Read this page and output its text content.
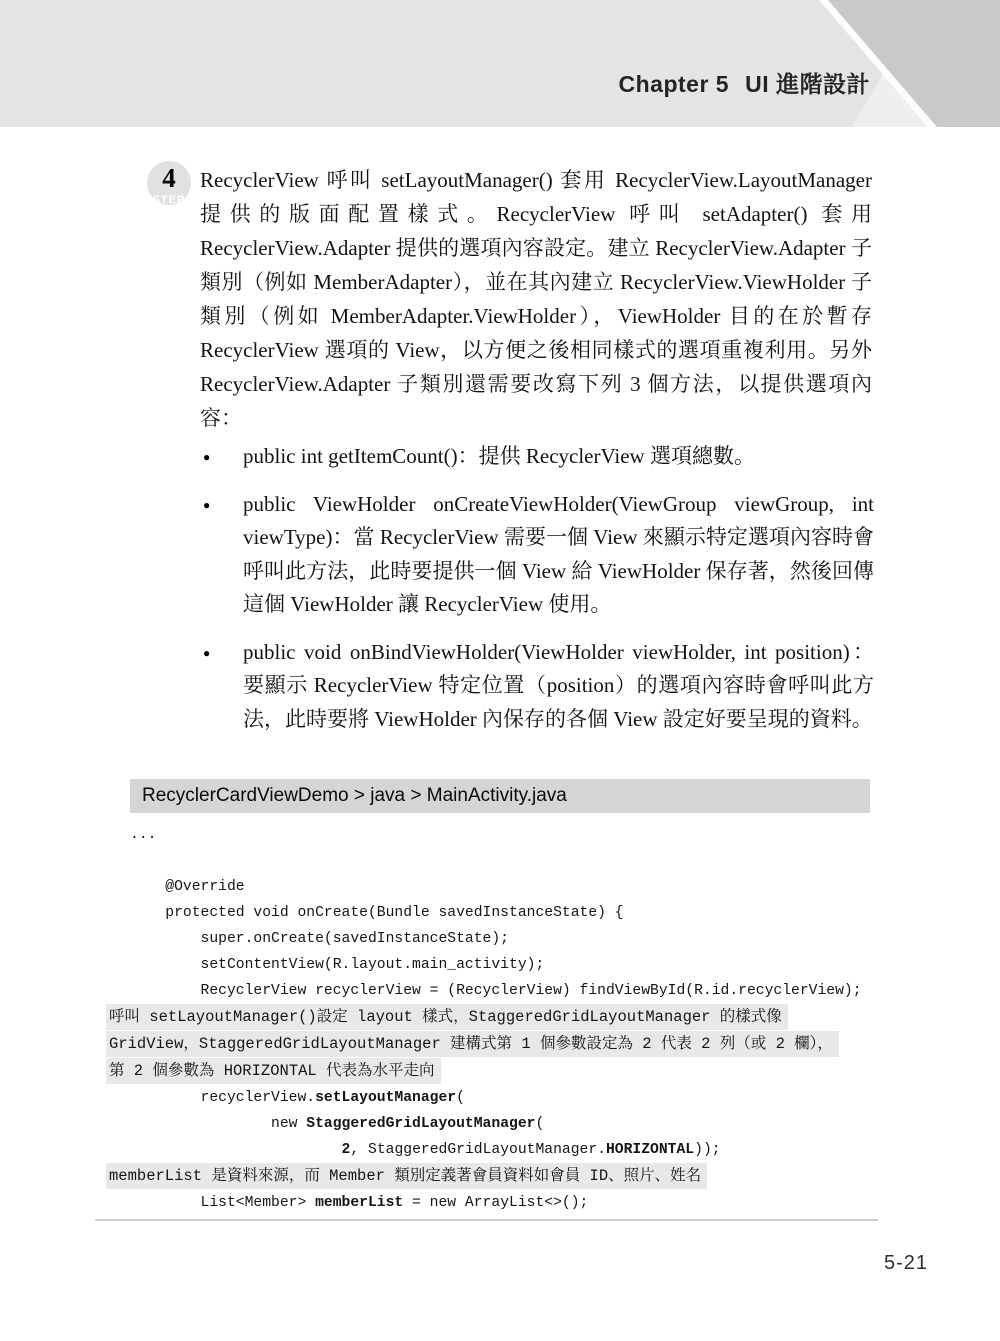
Chapter 5 UI 進階設計
4
STEP
RecyclerView 呼叫 setLayoutManager() 套用 RecyclerView.LayoutManager 提供的版面配置樣式。RecyclerView 呼叫 setAdapter() 套用 RecyclerView.Adapter 提供的選項內容設定。建立 RecyclerView.Adapter 子類別（例如 MemberAdapter），並在其內建立 RecyclerView.ViewHolder 子類別（例如 MemberAdapter.ViewHolder），ViewHolder 目的在於暫存 RecyclerView 選項的 View，以方便之後相同樣式的選項重複利用。另外 RecyclerView.Adapter 子類別還需要改寫下列 3 個方法，以提供選項內容：
● public int getItemCount()：提供 RecyclerView 選項總數。
● public ViewHolder onCreateViewHolder(ViewGroup viewGroup, int viewType)：當 RecyclerView 需要一個 View 來顯示特定選項內容時會呼叫此方法，此時要提供一個 View 給 ViewHolder 保存著，然後回傳這個 ViewHolder 讓 RecyclerView 使用。
● public void onBindViewHolder(ViewHolder viewHolder, int position)：要顯示 RecyclerView 特定位置（position）的選項內容時會呼叫此方法，此時要將 ViewHolder 內保存的各個 View 設定好要呈現的資料。
RecyclerCardViewDemo > java > MainActivity.java
...

@Override
protected void onCreate(Bundle savedInstanceState) {
super.onCreate(savedInstanceState);
setContentView(R.layout.main_activity);
RecyclerView recyclerView = (RecyclerView) findViewById(R.id.recyclerView);
呼叫 setLayoutManager()設定 layout 樣式，StaggeredGridLayoutManager 的樣式像
GridView，StaggeredGridLayoutManager 建構式第 1 個參數設定為 2 代表 2 列（或 2 欄），
第 2 個參數為 HORIZONTAL 代表為水平走向
recyclerView.setLayoutManager(
new StaggeredGridLayoutManager(
2, StaggeredGridLayoutManager.HORIZONTAL));
memberList 是資料來源，而 Member 類別定義著會員資料如會員 ID、照片、姓名
List<Member> memberList = new ArrayList<>();

5-21
